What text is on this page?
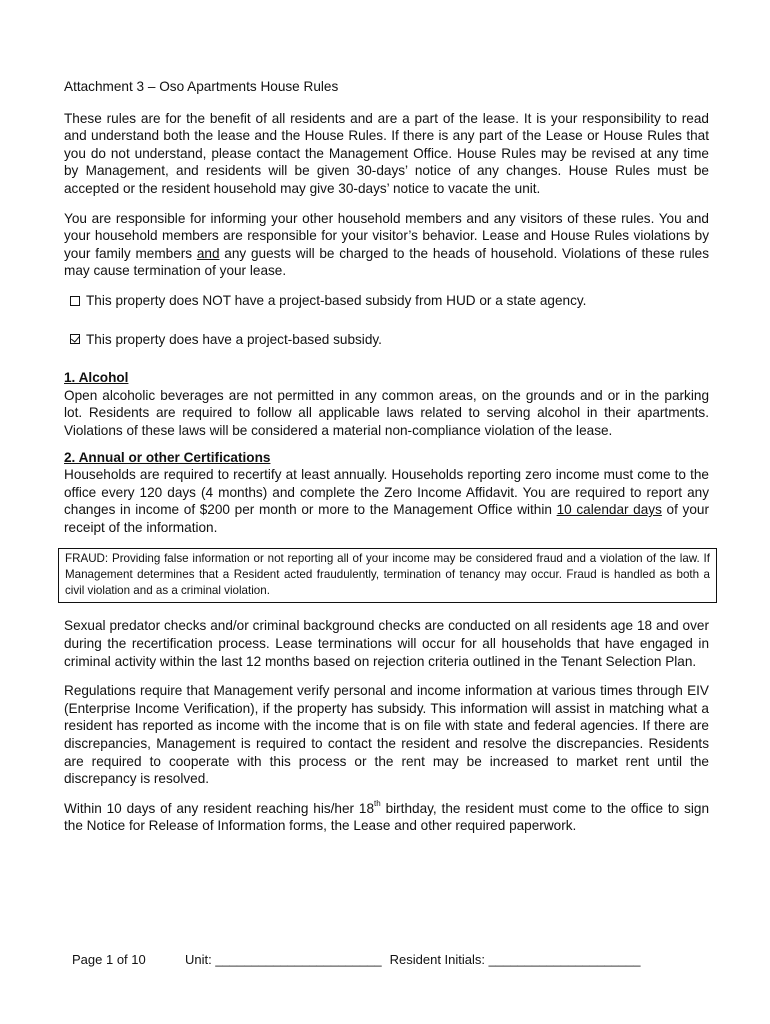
Attachment 3 – Oso Apartments House Rules

These rules are for the benefit of all residents and are a part of the lease. It is your responsibility to read and understand both the lease and the House Rules. If there is any part of the Lease or House Rules that you do not understand, please contact the Management Office. House Rules may be revised at any time by Management, and residents will be given 30-days’ notice of any changes. House Rules must be accepted or the resident household may give 30-days’ notice to vacate the unit.

You are responsible for informing your other household members and any visitors of these rules. You and your household members are responsible for your visitor’s behavior. Lease and House Rules violations by your family members and any guests will be charged to the heads of household. Violations of these rules may cause termination of your lease.

This property does NOT have a project-based subsidy from HUD or a state agency.
This property does have a project-based subsidy.

1. Alcohol

Open alcoholic beverages are not permitted in any common areas, on the grounds and or in the parking lot. Residents are required to follow all applicable laws related to serving alcohol in their apartments. Violations of these laws will be considered a material non-compliance violation of the lease.

2. Annual or other Certifications

Households are required to recertify at least annually. Households reporting zero income must come to the office every 120 days (4 months) and complete the Zero Income Affidavit. You are required to report any changes in income of $200 per month or more to the Management Office within 10 calendar days of your receipt of the information.

FRAUD: Providing false information or not reporting all of your income may be considered fraud and a violation of the law. If Management determines that a Resident acted fraudulently, termination of tenancy may occur. Fraud is handled as both a civil violation and as a criminal violation.

Sexual predator checks and/or criminal background checks are conducted on all residents age 18 and over during the recertification process. Lease terminations will occur for all households that have engaged in criminal activity within the last 12 months based on rejection criteria outlined in the Tenant Selection Plan.

Regulations require that Management verify personal and income information at various times through EIV (Enterprise Income Verification), if the property has subsidy. This information will assist in matching what a resident has reported as income with the income that is on file with state and federal agencies. If there are discrepancies, Management is required to contact the resident and resolve the discrepancies. Residents are required to cooperate with this process or the rent may be increased to market rent until the discrepancy is resolved.

Within 10 days of any resident reaching his/her 18th birthday, the resident must come to the office to sign the Notice for Release of Information forms, the Lease and other required paperwork.

Page 1 of 10	Unit: _______________________ Resident Initials: _____________________
